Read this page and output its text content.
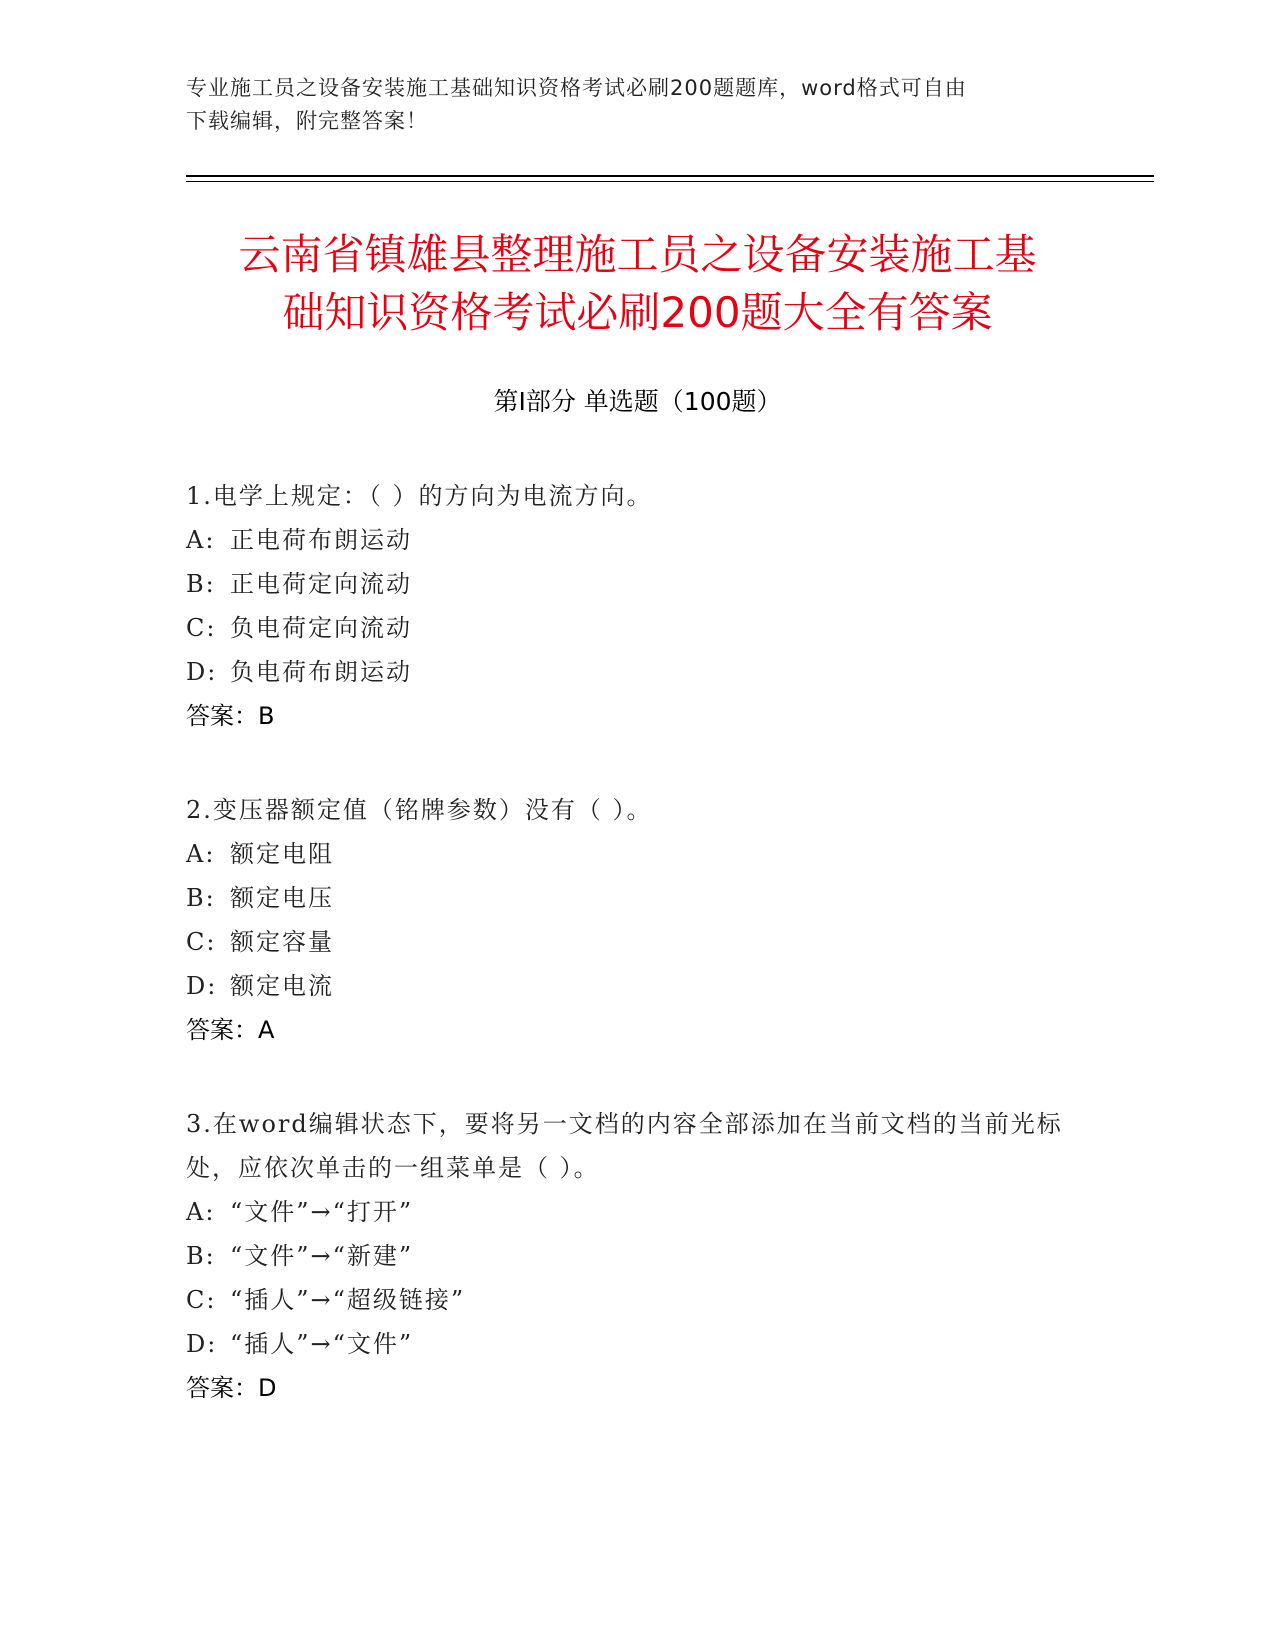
专业施工员之设备安装施工基础知识资格考试必刷200题题库，word格式可自由
下载编辑，附完整答案！
云南省镇雄县整理施工员之设备安装施工基
础知识资格考试必刷200题大全有答案
第Ⅰ部分 单选题（100题）

1.电学上规定：（ ）的方向为电流方向。

A: 正电荷布朗运动
B: 正电荷定向流动
C: 负电荷定向流动
D: 负电荷布朗运动
答案：B

2.变压器额定值（铭牌参数）没有（ ）。

A: 额定电阻
B: 额定电压
C: 额定容量
D: 额定电流
答案：A

3.在word编辑状态下，要将另一文档的内容全部添加在当前文档的当前光标处，应依次单击的一组菜单是（ ）。

A: “文件”→“打开”
B: “文件”→“新建”
C: “插人”→“超级链接”
D: “插人”→“文件”
答案：D
